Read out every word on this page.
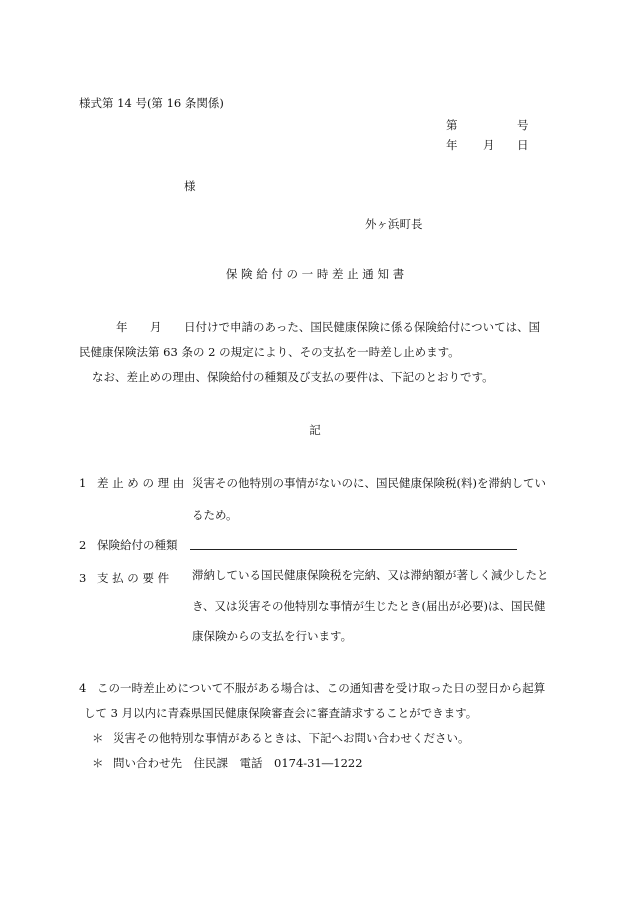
様式第 14 号(第 16 条関係)
第	号
年 月 日
様
外ヶ浜町長
保 険 給 付 の 一 時 差 止 通 知 書
年 月 日付けで申請のあった、国民健康保険に係る保険給付については、国
民健康保険法第 63 条の 2 の規定により、その支払を一時差し止めます。
なお、差止めの理由、保険給付の種類及び支払の要件は、下記のとおりです。
記
1 差 止 め の 理 由 災害その他特別の事情がないのに、国民健康保険税(料)を滞納してい
るため。
2 保険給付の種類
3 支 払 の 要 件 滞納している国民健康保険税を完納、又は滞納額が著しく減少したと
き、又は災害その他特別な事情が生じたとき(届出が必要)は、国民健
康保険からの支払を行います。
4 この一時差止めについて不服がある場合は、この通知書を受け取った日の翌日から起算
して 3 月以内に青森県国民健康保険審査会に審査請求することができます。
＊ 災害その他特別な事情があるときは、下記へお問い合わせください。
＊ 問い合わせ先　住民課　電話　0174-31―1222
